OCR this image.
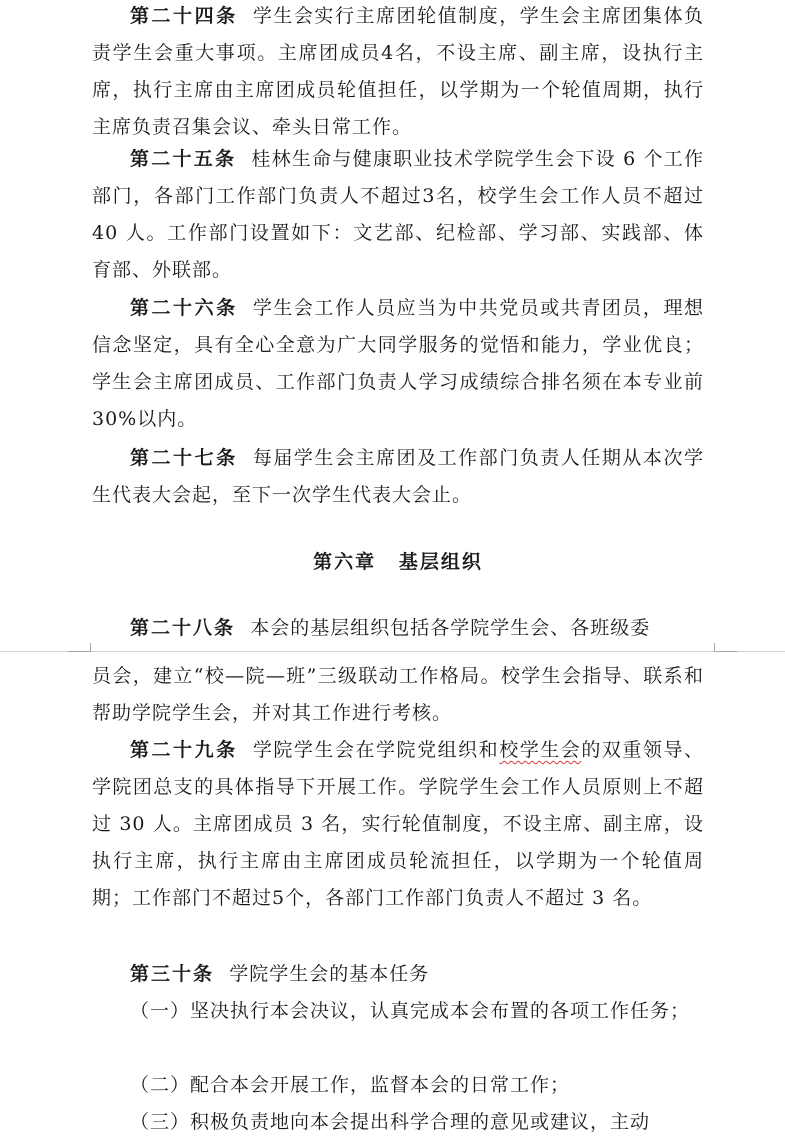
第二十四条 学生会实行主席团轮值制度，学生会主席团集体负责学生会重大事项。主席团成员4名，不设主席、副主席，设执行主席，执行主席由主席团成员轮值担任，以学期为一个轮值周期，执行主席负责召集会议、牵头日常工作。

第二十五条 桂林生命与健康职业技术学院学生会下设 6 个工作部门，各部门工作部门负责人不超过3名，校学生会工作人员不超过 40 人。工作部门设置如下：文艺部、纪检部、学习部、实践部、体育部、外联部。

第二十六条 学生会工作人员应当为中共党员或共青团员，理想信念坚定，具有全心全意为广大同学服务的觉悟和能力，学业优良；学生会主席团成员、工作部门负责人学习成绩综合排名须在本专业前30%以内。

第二十七条 每届学生会主席团及工作部门负责人任期从本次学生代表大会起，至下一次学生代表大会止。

第六章 基层组织

第二十八条 本会的基层组织包括各学院学生会、各班级委

员会，建立“校—院—班”三级联动工作格局。校学生会指导、联系和帮助学院学生会，并对其工作进行考核。

第二十九条 学院学生会在学院党组织和校学生会的双重领导、学院团总支的具体指导下开展工作。学院学生会工作人员原则上不超过 30 人。主席团成员 3 名，实行轮值制度，不设主席、副主席，设执行主席，执行主席由主席团成员轮流担任，以学期为一个轮值周期；工作部门不超过5个，各部门工作部门负责人不超过 3 名。

第三十条 学院学生会的基本任务

（一）坚决执行本会决议，认真完成本会布置的各项工作任务；

（二）配合本会开展工作，监督本会的日常工作；

（三）积极负责地向本会提出科学合理的意见或建议，主动
